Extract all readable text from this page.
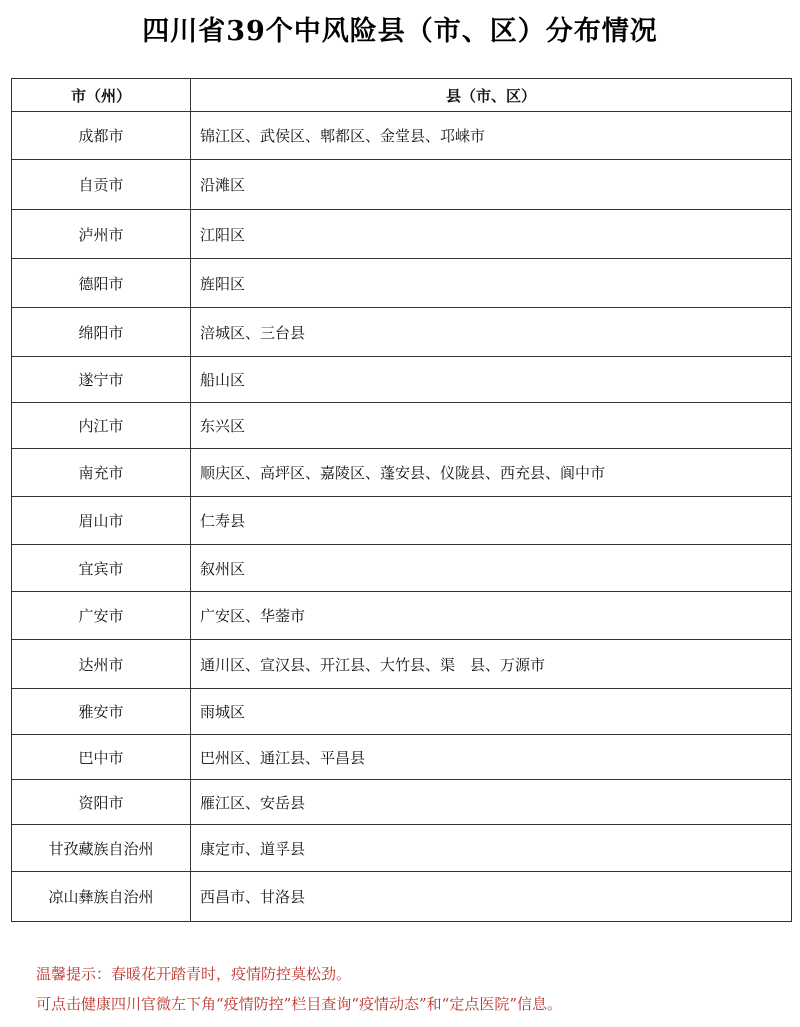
四川省39个中风险县（市、区）分布情况
市（州）	县（市、区）
成都市	锦江区、武侯区、郫都区、金堂县、邛崃市
自贡市	沿滩区
泸州市	江阳区
德阳市	旌阳区
绵阳市	涪城区、三台县
遂宁市	船山区
内江市	东兴区
南充市	顺庆区、高坪区、嘉陵区、蓬安县、仪陇县、西充县、阆中市
眉山市	仁寿县
宜宾市	叙州区
广安市	广安区、华蓥市
达州市	通川区、宣汉县、开江县、大竹县、渠　县、万源市
雅安市	雨城区
巴中市	巴州区、通江县、平昌县
资阳市	雁江区、安岳县
甘孜藏族自治州	康定市、道孚县
凉山彝族自治州	西昌市、甘洛县
温馨提示：春暖花开踏青时，疫情防控莫松劲。
可点击健康四川官微左下角“疫情防控”栏目查询“疫情动态”和“定点医院”信息。
